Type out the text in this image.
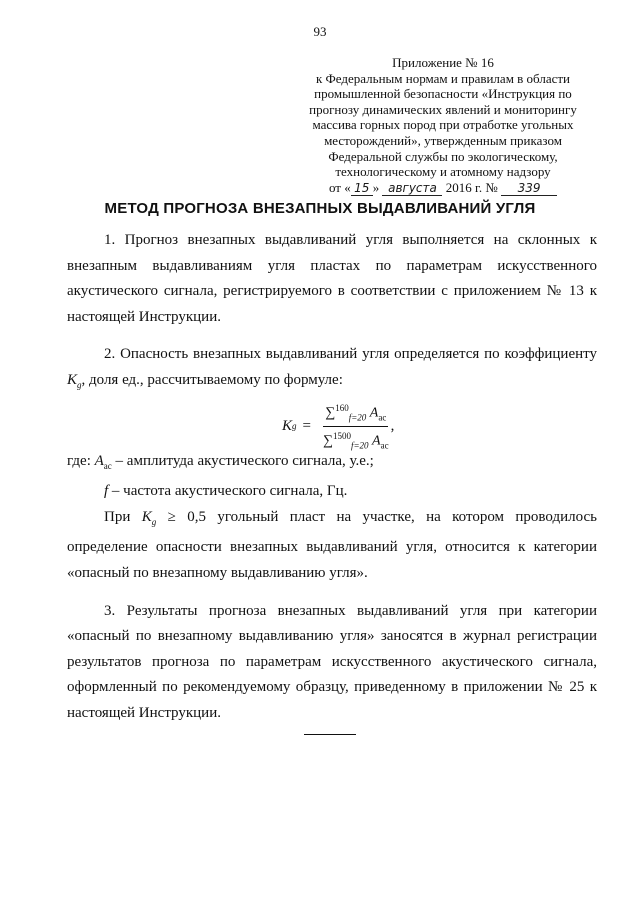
93
Приложение № 16
к Федеральным нормам и правилам в области
промышленной безопасности «Инструкция по
прогнозу динамических явлений и мониторингу
массива горных пород при отработке угольных
месторождений», утвержденным приказом
Федеральной службы по экологическому,
технологическому и атомному надзору
от « 15 » августа 2016 г. № 339
МЕТОД ПРОГНОЗА ВНЕЗАПНЫХ ВЫДАВЛИВАНИЙ УГЛЯ

1. Прогноз внезапных выдавливаний угля выполняется на склонных к внезапным выдавливаниям угля пластах по параметрам искусственного акустического сигнала, регистрируемого в соответствии с приложением № 13 к настоящей Инструкции.

2. Опасность внезапных выдавливаний угля определяется по коэффициенту $K_g$, доля ед., рассчитываемому по формуле:

K $g = \frac{\sum^{160}_{f=20} A_{ас}}{\sum^{1500}_{f=20} A_{ас}}$ ,

где: $A_{ас}$ – амплитуда акустического сигнала, у.е.;

f – частота акустического сигнала, Гц.

При $K_g \ge 0,5$ угольный пласт на участке, на котором проводилось определение опасности внезапных выдавливаний угля, относится к категории «опасный по внезапному выдавливанию угля».

3. Результаты прогноза внезапных выдавливаний угля при категории «опасный по внезапному выдавливанию угля» заносятся в журнал регистрации результатов прогноза по параметрам искусственного акустического сигнала, оформленный по рекомендуемому образцу, приведенному в приложении № 25 к настоящей Инструкции.
